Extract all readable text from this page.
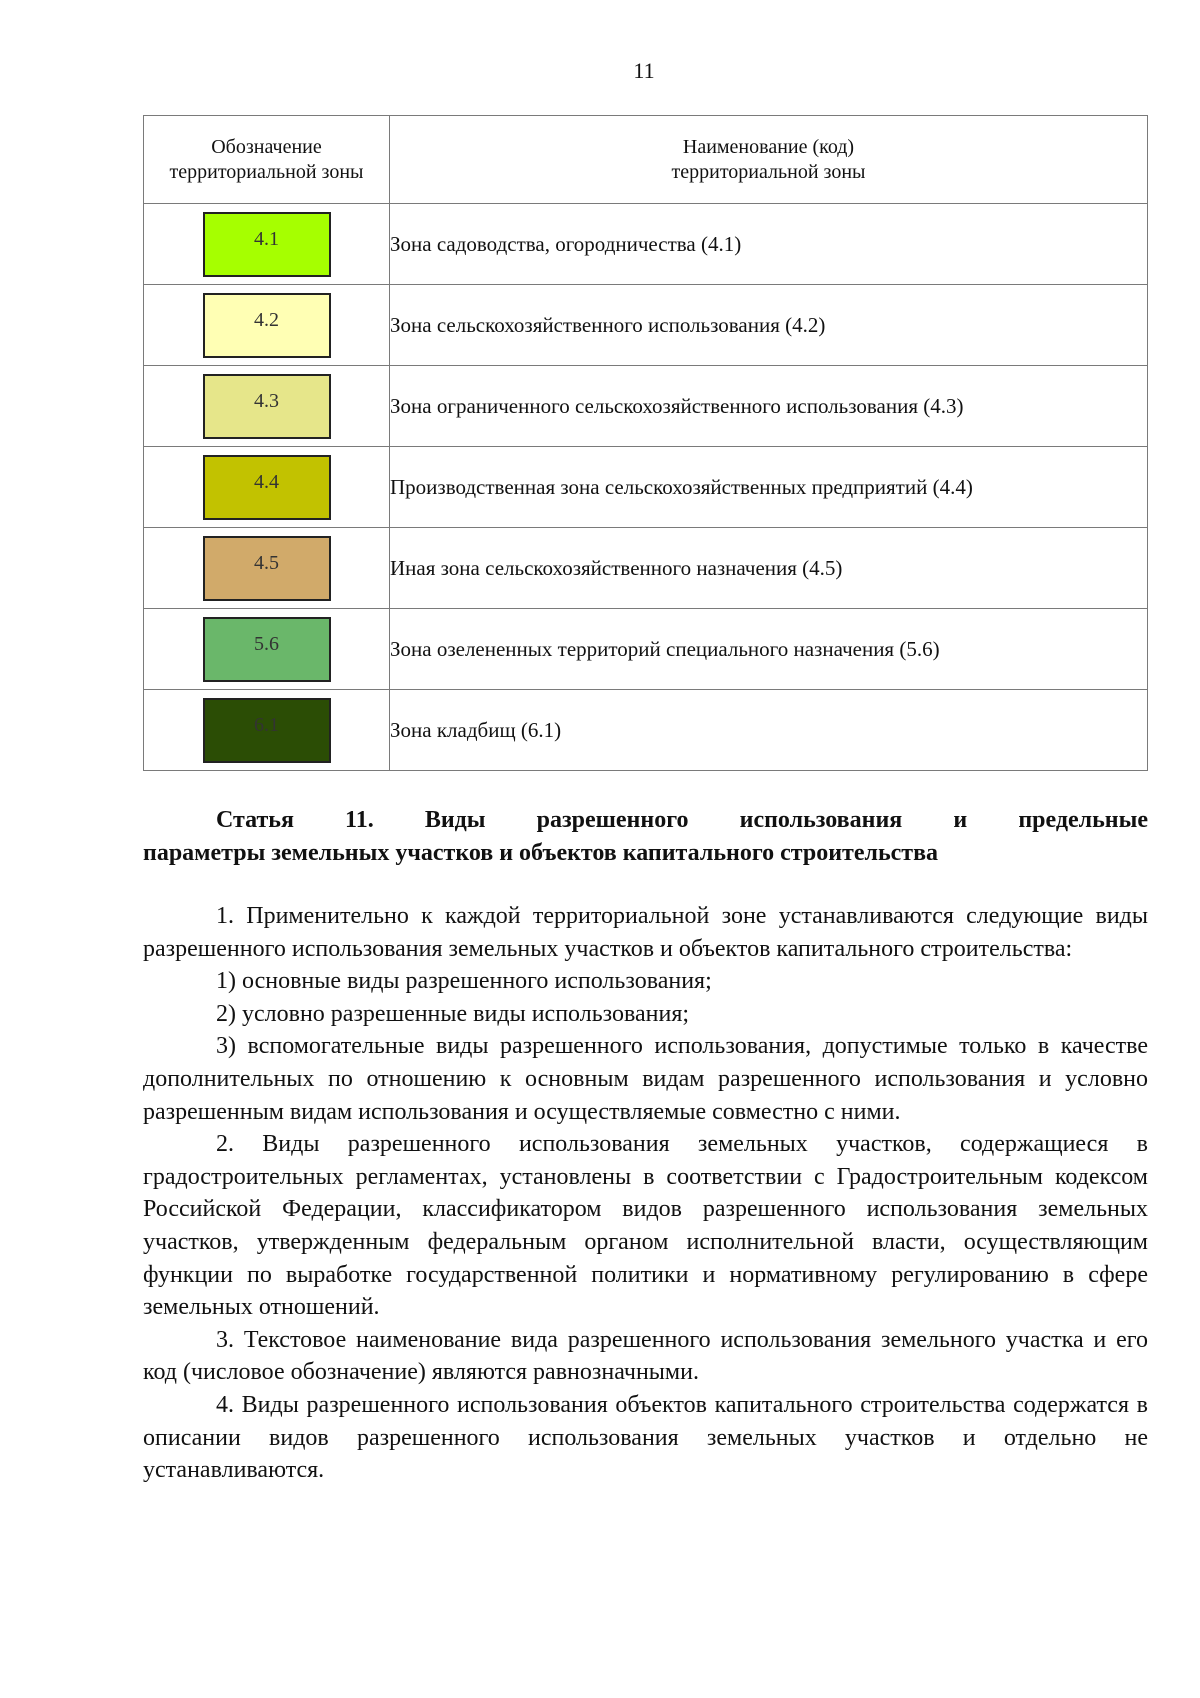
11
Обозначение территориальной зоны	Наименование (код)
территориальной зоны

4.1	Зона садоводства, огородничества (4.1)
4.2	Зона сельскохозяйственного использования (4.2)
4.3	Зона ограниченного сельскохозяйственного использования (4.3)
4.4	Производственная зона сельскохозяйственных предприятий (4.4)
4.5	Иная зона сельскохозяйственного назначения (4.5)
5.6	Зона озелененных территорий специального назначения (5.6)
6.1	Зона кладбищ (6.1)
Статья 11. Виды разрешенного использования и предельные
параметры земельных участков и объектов капитального строительства

1. Применительно к каждой территориальной зоне устанавливаются следующие виды разрешенного использования земельных участков и объектов капитального строительства:

1) основные виды разрешенного использования;

2) условно разрешенные виды использования;

3) вспомогательные виды разрешенного использования, допустимые только в качестве дополнительных по отношению к основным видам разрешенного использования и условно разрешенным видам использования и осуществляемые совместно с ними.

2. Виды разрешенного использования земельных участков, содержащиеся в градостроительных регламентах, установлены в соответствии с Градостроительным кодексом Российской Федерации, классификатором видов разрешенного использования земельных участков, утвержденным федеральным органом исполнительной власти, осуществляющим функции по выработке государственной политики и нормативному регулированию в сфере земельных отношений.

3. Текстовое наименование вида разрешенного использования земельного участка и его код (числовое обозначение) являются равнозначными.

4. Виды разрешенного использования объектов капитального строительства содержатся в описании видов разрешенного использования земельных участков и отдельно не устанавливаются.
